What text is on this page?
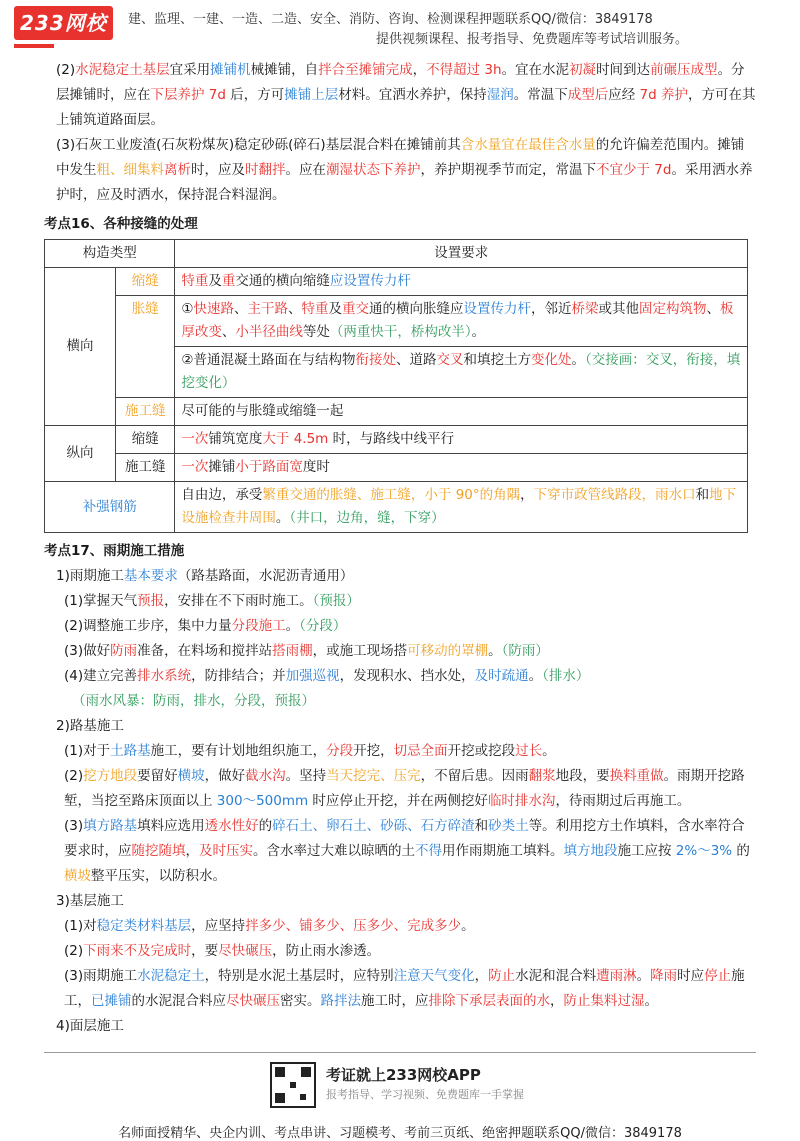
233网校	建、监理、一建、一造、二造、安全、消防、咨询、检测课程押题联系QQ/微信：3849178
提供视频课程、报考指导、免费题库等考试培训服务。

(2)水泥稳定土基层宜采用摊铺机械摊铺，自拌合至摊铺完成，不得超过 3h。宜在水泥初凝时间到达前碾压成型。分层摊铺时，应在下层养护 7d 后，方可摊铺上层材料。宜洒水养护，保持湿润。常温下成型后应经 7d 养护，方可在其上铺筑道路面层。

(3)石灰工业废渣(石灰粉煤灰)稳定砂砾(碎石)基层混合料在摊铺前其含水量宜在最佳含水量的允许偏差范围内。摊铺中发生粗、细集料离析时，应及时翻拌。应在潮湿状态下养护，养护期视季节而定，常温下不宜少于 7d。采用洒水养护时，应及时洒水，保持混合料湿润。

考点16、各种接缝的处理

构造类型		设置要求
横向	缩缝	特重及重交通的横向缩缝应设置传力杆
	胀缝	①快速路、主干路、特重及重交通的横向胀缝应设置传力杆，邻近桥梁或其他固定构筑物、板厚改变、小半径曲线等处（两重快干，桥构改半）。
		②普通混凝土路面在与结构物衔接处、道路交叉和填挖土方变化处。（交接画：交叉，衔接，填挖变化）
	施工缝	尽可能的与胀缝或缩缝一起
纵向	缩缝	一次铺筑宽度大于 4.5m 时，与路线中线平行
	施工缝	一次摊铺小于路面宽度时
补强钢筋		自由边，承受繁重交通的胀缝、施工缝，小于 90°的角隅，下穿市政管线路段，雨水口和地下设施检查井周围。（井口，边角，缝，下穿）

考点17、雨期施工措施

1)雨期施工基本要求（路基路面，水泥沥青通用）

(1)掌握天气预报，安排在不下雨时施工。（预报）

(2)调整施工步序，集中力量分段施工。（分段）

(3)做好防雨准备，在料场和搅拌站搭雨棚，或施工现场搭可移动的罩棚。（防雨）

(4)建立完善排水系统，防排结合；并加强巡视，发现积水、挡水处，及时疏通。（排水）

（雨水风暴：防雨，排水，分段，预报）

2)路基施工

(1)对于土路基施工，要有计划地组织施工，分段开挖，切忌全面开挖或挖段过长。

(2)挖方地段要留好横坡，做好截水沟。坚持当天挖完、压完，不留后患。因雨翻浆地段，要换料重做。雨期开挖路堑，当挖至路床顶面以上 300～500mm 时应停止开挖，并在两侧挖好临时排水沟，待雨期过后再施工。

(3)填方路基填料应选用透水性好的碎石土、卵石土、砂砾、石方碎渣和砂类土等。利用挖方土作填料，含水率符合要求时，应随挖随填，及时压实。含水率过大难以晾晒的土不得用作雨期施工填料。填方地段施工应按 2%～3% 的横坡整平压实，以防积水。

3)基层施工

(1)对稳定类材料基层，应坚持拌多少、铺多少、压多少、完成多少。

(2)下雨来不及完成时，要尽快碾压，防止雨水渗透。

(3)雨期施工水泥稳定土，特别是水泥土基层时，应特别注意天气变化，防止水泥和混合料遭雨淋。降雨时应停止施工，已摊铺的水泥混合料应尽快碾压密实。路拌法施工时，应排除下承层表面的水，防止集料过湿。

4)面层施工

考证就上233网校APP
报考指导、学习视频、免费题库一手掌握
名师面授精华、央企内训、考点串讲、习题模考、考前三页纸、绝密押题联系QQ/微信：3849178
